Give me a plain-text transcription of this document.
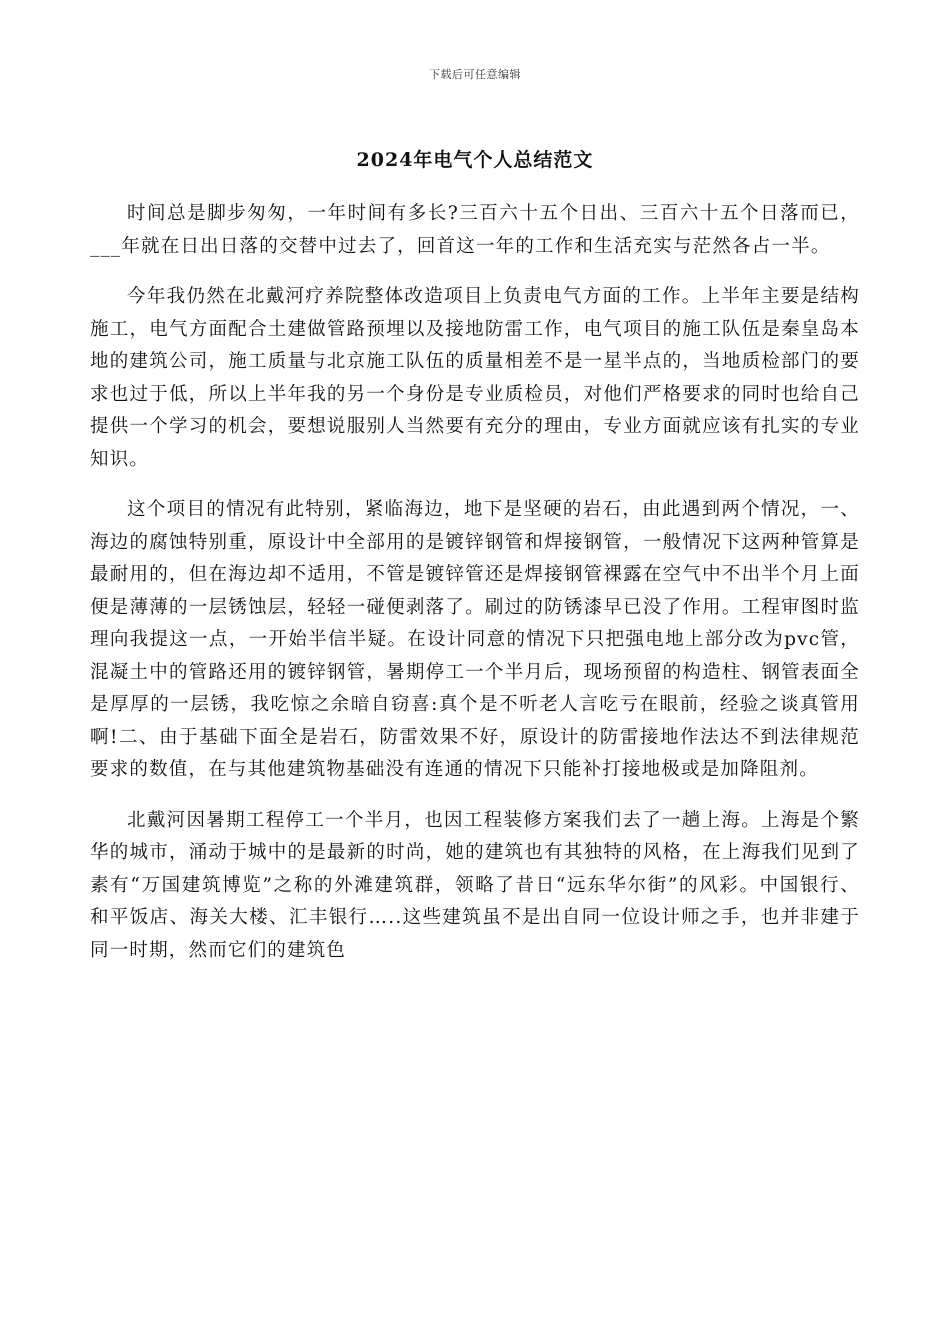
下载后可任意编辑
2024年电气个人总结范文

时间总是脚步匆匆，一年时间有多长?三百六十五个日出、三百六十五个日落而已，___年就在日出日落的交替中过去了，回首这一年的工作和生活充实与茫然各占一半。

今年我仍然在北戴河疗养院整体改造项目上负责电气方面的工作。上半年主要是结构施工，电气方面配合土建做管路预埋以及接地防雷工作，电气项目的施工队伍是秦皇岛本地的建筑公司，施工质量与北京施工队伍的质量相差不是一星半点的，当地质检部门的要求也过于低，所以上半年我的另一个身份是专业质检员，对他们严格要求的同时也给自己提供一个学习的机会，要想说服别人当然要有充分的理由，专业方面就应该有扎实的专业知识。

这个项目的情况有此特别，紧临海边，地下是坚硬的岩石，由此遇到两个情况，一、海边的腐蚀特别重，原设计中全部用的是镀锌钢管和焊接钢管，一般情况下这两种管算是最耐用的，但在海边却不适用，不管是镀锌管还是焊接钢管裸露在空气中不出半个月上面便是薄薄的一层锈蚀层，轻轻一碰便剥落了。刷过的防锈漆早已没了作用。工程审图时监理向我提这一点，一开始半信半疑。在设计同意的情况下只把强电地上部分改为pvc管，混凝土中的管路还用的镀锌钢管，暑期停工一个半月后，现场预留的构造柱、钢管表面全是厚厚的一层锈，我吃惊之余暗自窃喜:真个是不听老人言吃亏在眼前，经验之谈真管用啊!二、由于基础下面全是岩石，防雷效果不好，原设计的防雷接地作法达不到法律规范要求的数值，在与其他建筑物基础没有连通的情况下只能补打接地极或是加降阻剂。

北戴河因暑期工程停工一个半月，也因工程装修方案我们去了一趟上海。上海是个繁华的城市，涌动于城中的是最新的时尚，她的建筑也有其独特的风格，在上海我们见到了素有“万国建筑博览”之称的外滩建筑群，领略了昔日“远东华尔街”的风彩。中国银行、和平饭店、海关大楼、汇丰银行…..这些建筑虽不是出自同一位设计师之手，也并非建于同一时期，然而它们的建筑色
